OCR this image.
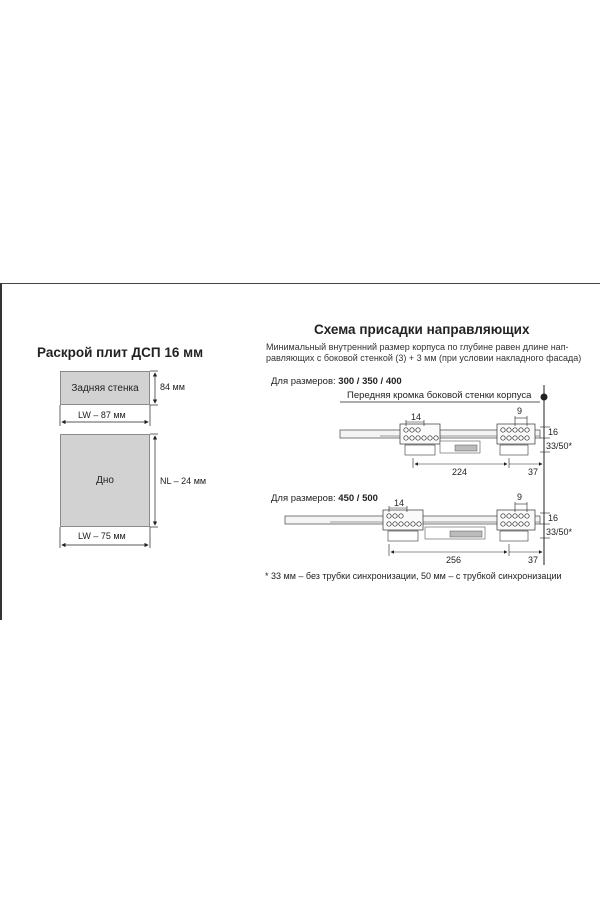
Раскрой плит ДСП 16 мм
Задняя стенка 84 мм
LW – 87 мм
Дно	NL – 24 мм
LW – 75 мм
Схема присадки направляющих
Минимальный внутренний размер корпуса по глубине равен длине нап-
равляющих с боковой стенкой (3) + 3 мм (при условии накладного фасада)
Для размеров: 300 / 350 / 400
Передняя кромка боковой стенки корпуса
Для размеров: 450 / 500
* 33 мм – без трубки синхронизации, 50 мм – с трубкой синхронизации
14
9
16
33/50*
224	37
14
9
16
33/50*
256	37
